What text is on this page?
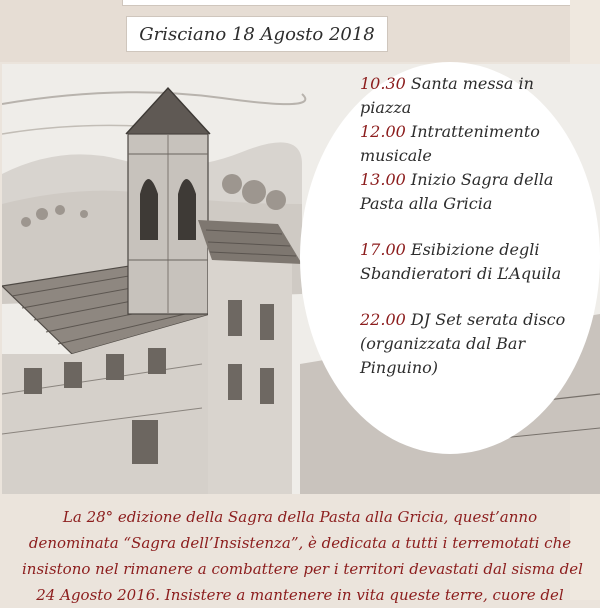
Grisciano 18 Agosto 2018

10.30 Santa messa in
piazza

12.00 Intrattenimento
musicale

13.00 Inizio Sagra della
Pasta alla Gricia

17.00 Esibizione degli
Sbandieratori di L’Aquila

22.00 DJ Set serata disco
(organizzata dal Bar
Pinguino)

La 28° edizione della Sagra della Pasta alla Gricia, quest’anno
denominata “Sagra dell’Insistenza”, è dedicata a tutti i terremotati che
insistono nel rimanere a combattere per i territori devastati dal sisma del
24 Agosto 2016. Insistere a mantenere in vita queste terre, cuore del
